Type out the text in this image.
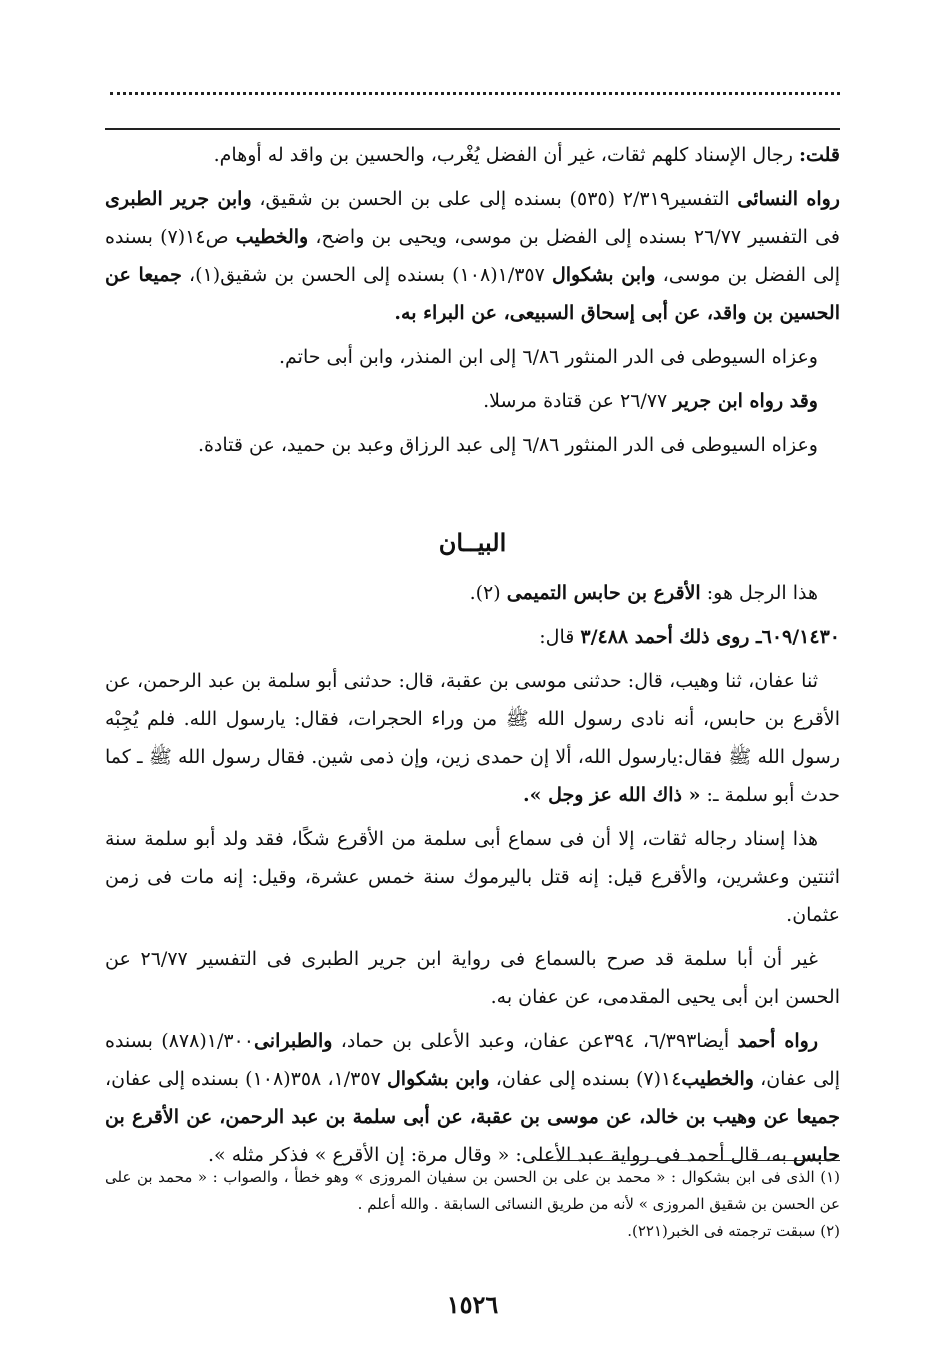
قلت: رجال الإسناد كلهم ثقات، غير أن الفضل يُغْرب، والحسين بن واقد له أوهام.

رواه النسائى التفسير٢/٣١٩ (٥٣٥) بسنده إلى على بن الحسن بن شقيق، وابن جرير الطبرى فى التفسير ٢٦/٧٧ بسنده إلى الفضل بن موسى، ويحيى بن واضح، والخطيب ص١٤(٧) بسنده إلى الفضل بن موسى، وابن بشكوال ١/٣٥٧(١٠٨) بسنده إلى الحسن بن شقيق(١)، جميعا عن الحسين بن واقد، عن أبى إسحاق السبيعى، عن البراء به.

وعزاه السيوطى فى الدر المنثور ٦/٨٦ إلى ابن المنذر، وابن أبى حاتم.

وقد رواه ابن جرير ٢٦/٧٧ عن قتادة مرسلا.

وعزاه السيوطى فى الدر المنثور ٦/٨٦ إلى عبد الرزاق وعبد بن حميد، عن قتادة.

البيــان

هذا الرجل هو: الأقرع بن حابس التميمى (٢).

٦٠٩/١٤٣٠ـ روى ذلك أحمد ٣/٤٨٨ قال:

ثنا عفان، ثنا وهيب، قال: حدثنى موسى بن عقبة، قال: حدثنى أبو سلمة بن عبد الرحمن، عن الأقرع بن حابس، أنه نادى رسول الله ﷺ من وراء الحجرات، فقال: يارسول الله. فلم يُجِبْه رسول الله ﷺ فقال:يارسول الله، ألا إن حمدى زين، وإن ذمى شين. فقال رسول الله ﷺ ـ كما حدث أبو سلمة ـ: « ذاك الله عز وجل ».

هذا إسناد رجاله ثقات، إلا أن فى سماع أبى سلمة من الأقرع شكًا، فقد ولد أبو سلمة سنة اثنتين وعشرين، والأقرع قيل: إنه قتل باليرموك سنة خمس عشرة، وقيل: إنه مات فى زمن عثمان.

غير أن أبا سلمة قد صرح بالسماع فى رواية ابن جرير الطبرى فى التفسير ٢٦/٧٧ عن الحسن ابن أبى يحيى المقدمى، عن عفان به.

رواه أحمد أيضا٦/٣٩٣، ٣٩٤عن عفان، وعبد الأعلى بن حماد، والطبرانى١/٣٠٠(٨٧٨) بسنده إلى عفان، والخطيب١٤(٧) بسنده إلى عفان، وابن بشكوال ١/٣٥٧، ٣٥٨(١٠٨) بسنده إلى عفان، جميعا عن وهيب بن خالد، عن موسى بن عقبة، عن أبى سلمة بن عبد الرحمن، عن الأقرع بن حابس به، قال أحمد فى رواية عبد الأعلى: « وقال مرة: إن الأقرع » فذكر مثله ».

(١) الذى فى ابن بشكوال : « محمد بن على بن الحسن بن سفيان المروزى » وهو خطأ ، والصواب : « محمد بن على عن الحسن بن شقيق المروزى » لأنه من طريق النسائى السابقة . والله أعلم .

(٢) سبقت ترجمته فى الخبر(٢٢١).

١٥٢٦
